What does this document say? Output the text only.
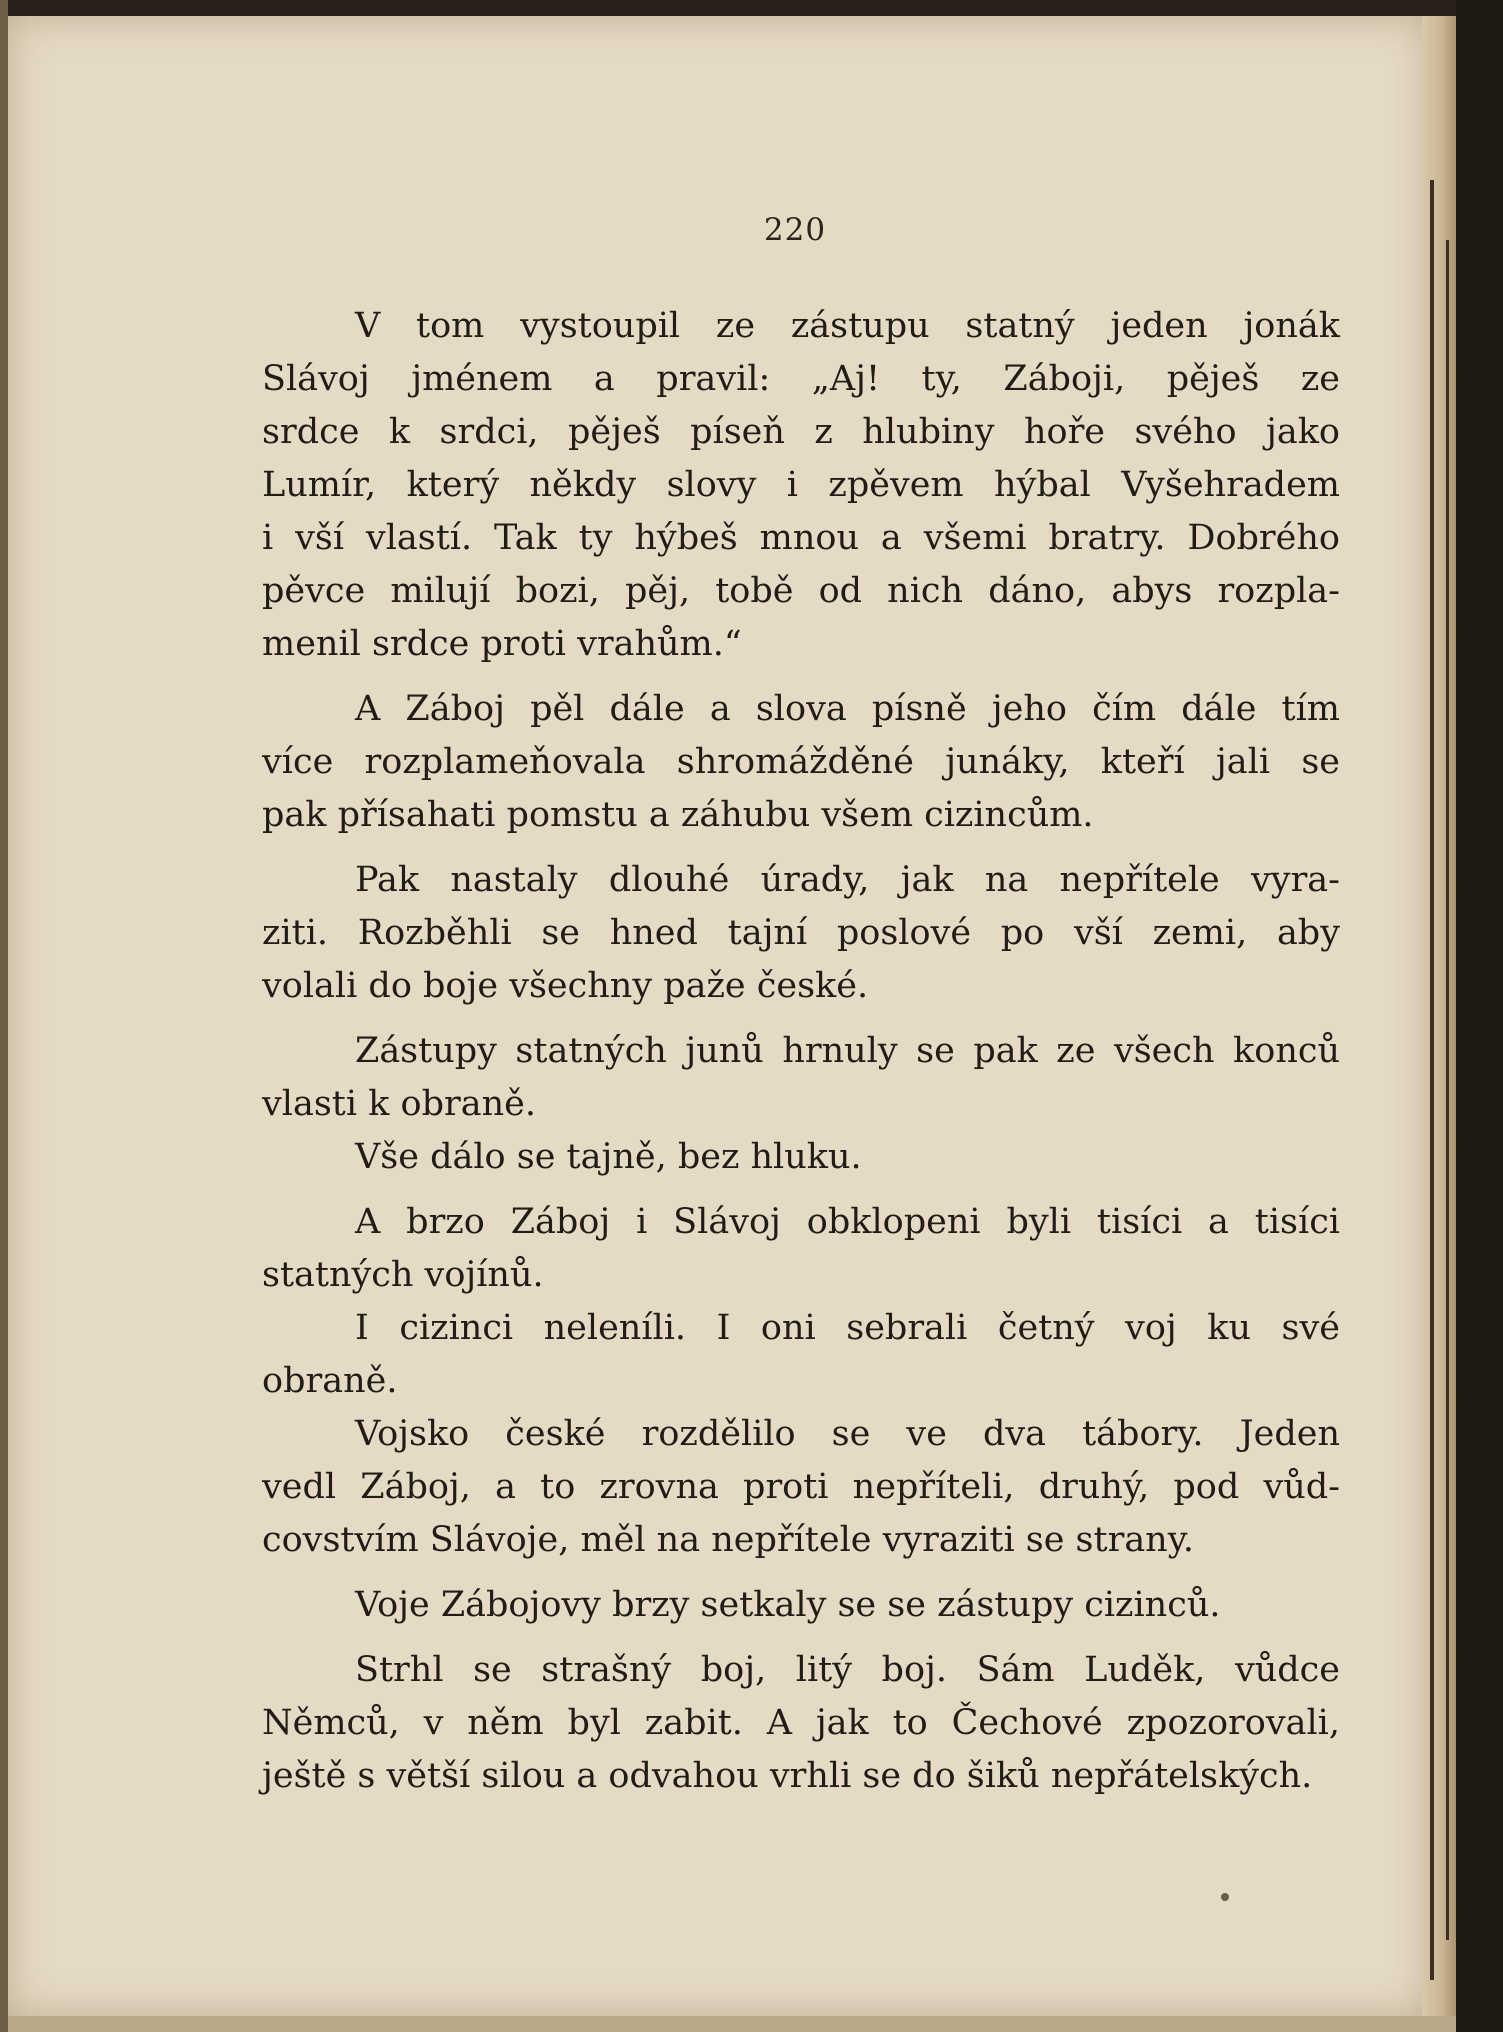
220

V tom vystoupil ze zástupu statný jeden jonák
Slávoj jménem a pravil: „Aj! ty, Záboji, pěješ ze
srdce k srdci, pěješ píseň z hlubiny hoře svého jako
Lumír, který někdy slovy i zpěvem hýbal Vyšehradem
i vší vlastí. Tak ty hýbeš mnou a všemi bratry. Dobrého
pěvce milují bozi, pěj, tobě od nich dáno, abys rozpla-
menil srdce proti vrahům.“

A Záboj pěl dále a slova písně jeho čím dále tím
více rozplameňovala shromážděné junáky, kteří jali se
pak přísahati pomstu a záhubu všem cizincům.

Pak nastaly dlouhé úrady, jak na nepřítele vyra-
ziti. Rozběhli se hned tajní poslové po vší zemi, aby
volali do boje všechny paže české.

Zástupy statných junů hrnuly se pak ze všech konců
vlasti k obraně.

Vše dálo se tajně, bez hluku.

A brzo Záboj i Slávoj obklopeni byli tisíci a tisíci
statných vojínů.

I cizinci neleníli. I oni sebrali četný voj ku své
obraně.

Vojsko české rozdělilo se ve dva tábory. Jeden
vedl Záboj, a to zrovna proti nepříteli, druhý, pod vůd-
covstvím Slávoje, měl na nepřítele vyraziti se strany.

Voje Zábojovy brzy setkaly se se zástupy cizinců.

Strhl se strašný boj, litý boj. Sám Luděk, vůdce
Němců, v něm byl zabit. A jak to Čechové zpozorovali,
ještě s větší silou a odvahou vrhli se do šiků nepřátelských.
